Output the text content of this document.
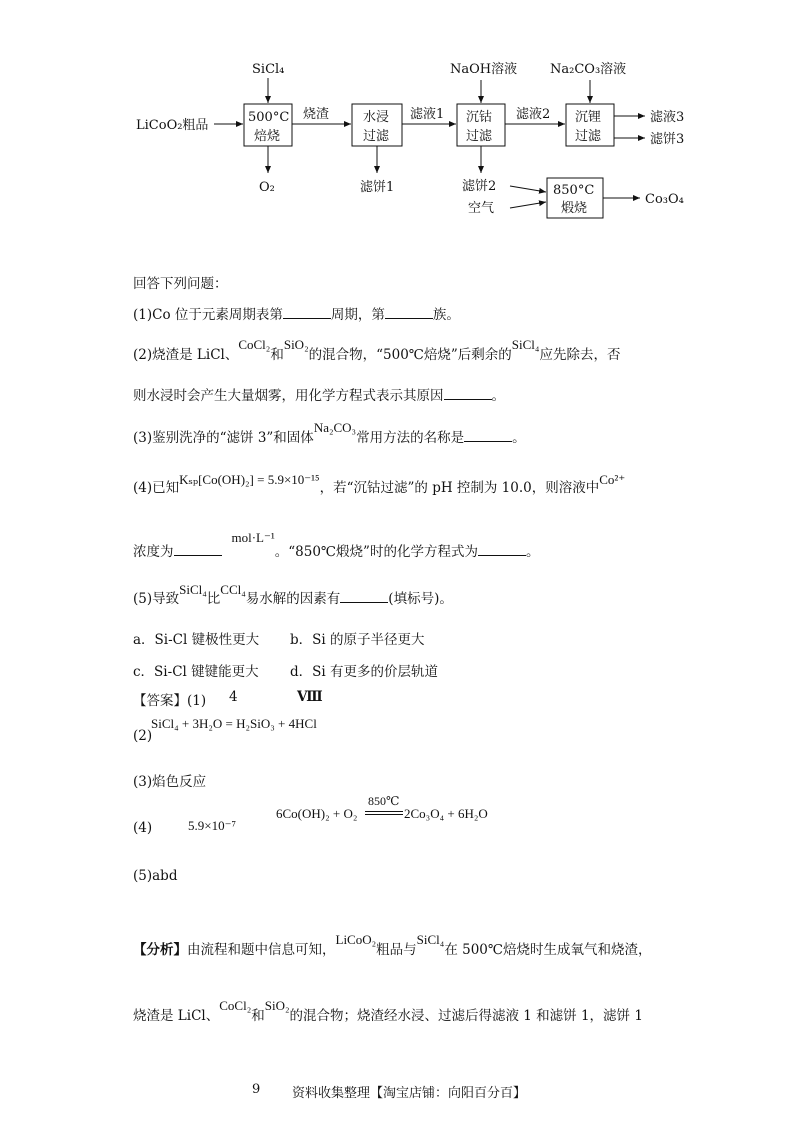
SiCl₄
LiCoO₂粗品
500°C
焙烧
O₂
烧渣	水浸
过滤
滤饼1
滤液1
NaOH溶液
沉钴
过滤
滤饼2
空气
滤液2
Na₂CO₃溶液
沉锂
过滤
滤液3
滤饼3
850°C
煅烧
Co₃O₄
回答下列问题：
(1)Co 位于元素周期表第	周期，第	族。
(2)烧渣是 LiCl、CoCl₂和SiO₂的混合物，“500℃焙烧”后剩余的SiCl₄应先除去，否
则水浸时会产生大量烟雾，用化学方程式表示其原因	。
(3)鉴别洗净的“滤饼 3”和固体Na₂CO₃常用方法的名称是	。
(4)已知Kₛₚ[Co(OH)₂] = 5.9×10⁻¹⁵，若“沉钴过滤”的 pH 控制为 10.0，则溶液中Co²⁺
浓度为mol·L⁻¹。“850℃煅烧”时的化学方程式为	。
(5)导致SiCl₄比CCl₄易水解的因素有	(填标号)。
a．Si-Cl 键极性更大 b．Si 的原子半径更大
c．Si-Cl 键键能更大 d．Si 有更多的价层轨道
【答案】(1) 4	Ⅷ
(2)
SiCl₄ + 3H₂O = H₂SiO₃ + 4HCl
(3)焰色反应
(4)	5.9×10⁻⁷
6Co(OH)₂ + O₂
850℃
2Co₃O₄ + 6H₂O
(5)abd
【分析】由流程和题中信息可知，LiCoO₂粗品与SiCl₄在 500℃焙烧时生成氧气和烧渣，
烧渣是 LiCl、CoCl₂和SiO₂的混合物；烧渣经水浸、过滤后得滤液 1 和滤饼 1，滤饼 1
9 资料收集整理【淘宝店铺：向阳百分百】
